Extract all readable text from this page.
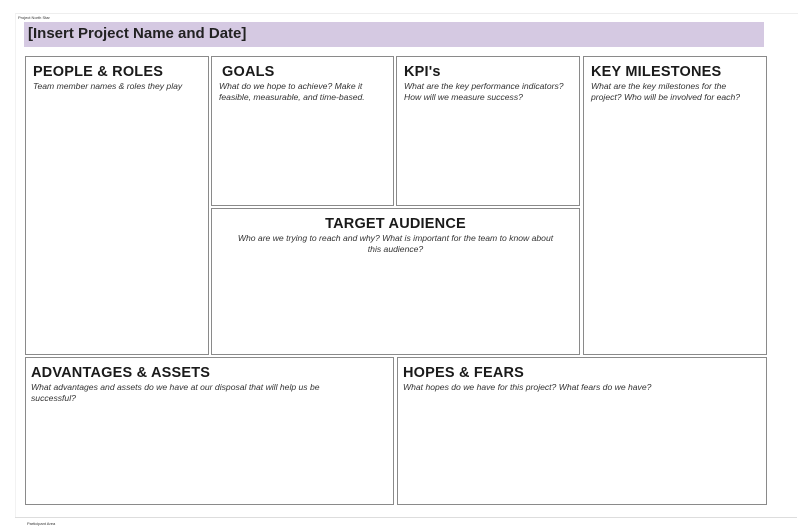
Project North Star
[Insert Project Name and Date]
PEOPLE & ROLES

Team member names & roles they play

GOALS

What do we hope to achieve? Make it feasible, measurable, and time-based.

KPI's

What are the key performance indicators? How will we measure success?

KEY MILESTONES

What are the key milestones for the project? Who will be involved for each?

TARGET AUDIENCE

Who are we trying to reach and why? What is important for the team to know about this audience?

ADVANTAGES & ASSETS

What advantages and assets do we have at our disposal that will help us be successful?

HOPES & FEARS

What hopes do we have for this project? What fears do we have?

Participant Area
